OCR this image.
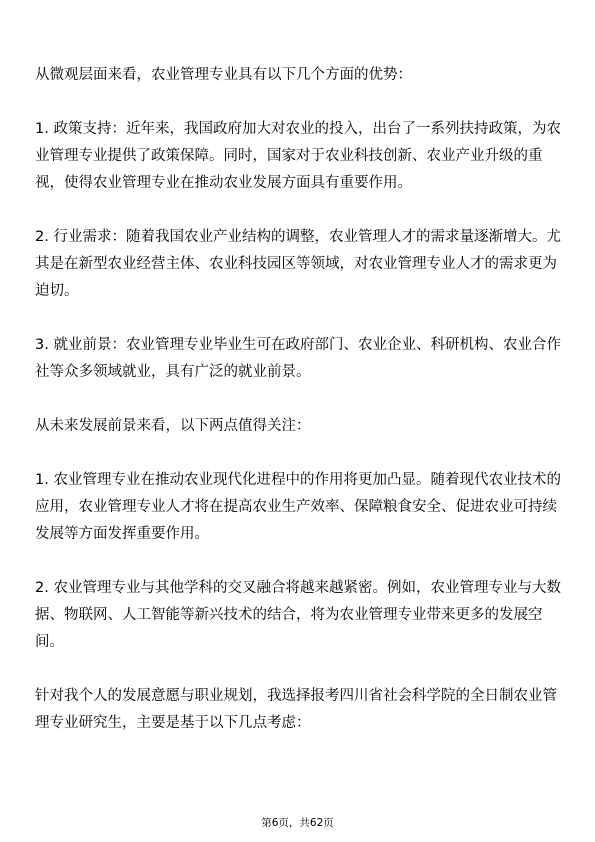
从微观层面来看，农业管理专业具有以下几个方面的优势：

1. 政策支持：近年来，我国政府加大对农业的投入，出台了一系列扶持政策，为农业管理专业提供了政策保障。同时，国家对于农业科技创新、农业产业升级的重视，使得农业管理专业在推动农业发展方面具有重要作用。

2. 行业需求：随着我国农业产业结构的调整，农业管理人才的需求量逐渐增大。尤其是在新型农业经营主体、农业科技园区等领域，对农业管理专业人才的需求更为迫切。

3. 就业前景：农业管理专业毕业生可在政府部门、农业企业、科研机构、农业合作社等众多领域就业，具有广泛的就业前景。

从未来发展前景来看，以下两点值得关注：

1. 农业管理专业在推动农业现代化进程中的作用将更加凸显。随着现代农业技术的应用，农业管理专业人才将在提高农业生产效率、保障粮食安全、促进农业可持续发展等方面发挥重要作用。

2. 农业管理专业与其他学科的交叉融合将越来越紧密。例如，农业管理专业与大数据、物联网、人工智能等新兴技术的结合，将为农业管理专业带来更多的发展空间。

针对我个人的发展意愿与职业规划，我选择报考四川省社会科学院的全日制农业管理专业研究生，主要是基于以下几点考虑：

第6页，共62页
